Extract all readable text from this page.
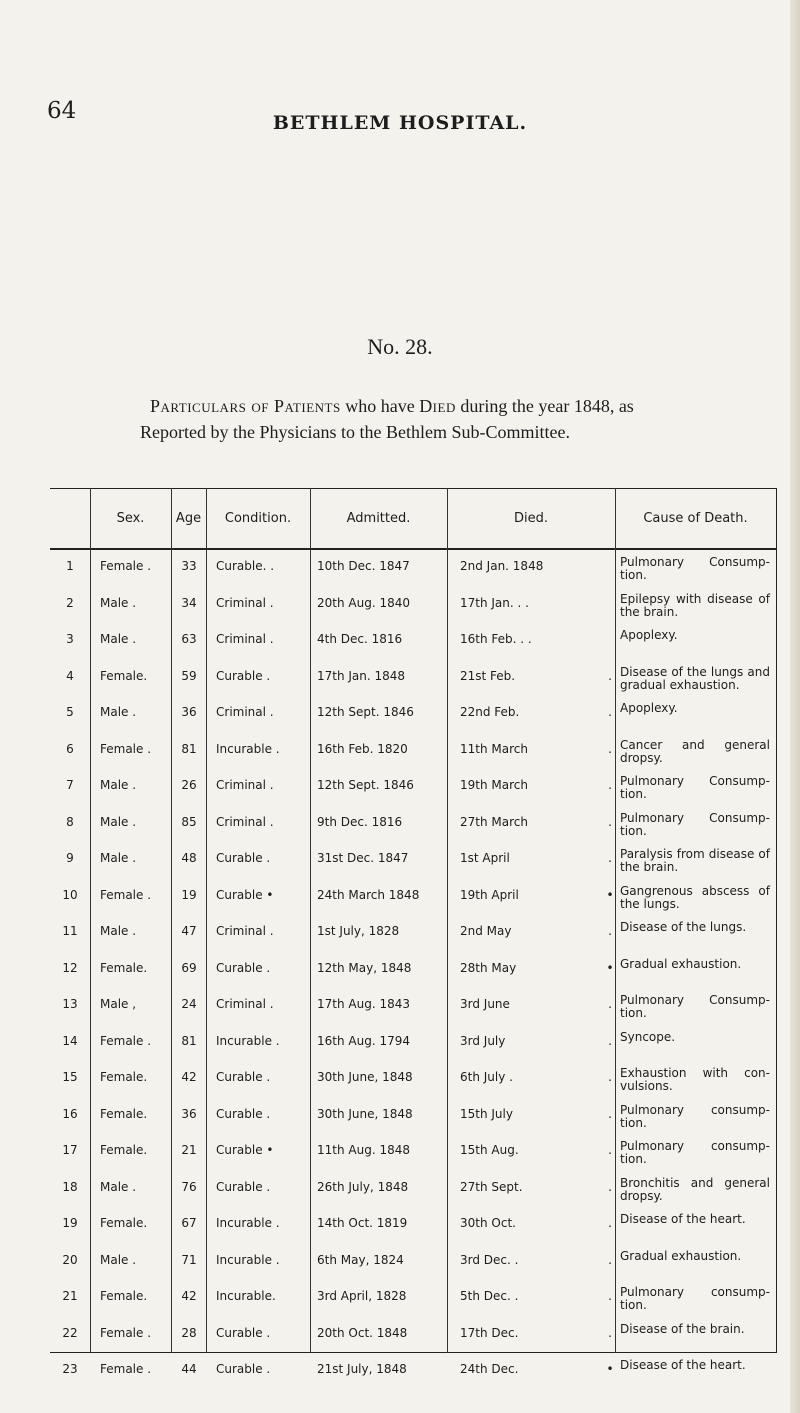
64	BETHLEM HOSPITAL.
No. 28.
Particulars of Patients who have Died during the year 1848, as
Reported by the Physicians to the Bethlem Sub-Committee.
Sex.	Age	Condition.	Admitted.	Died.	Cause of Death.
1	Female .	33	Curable. .	10th Dec. 1847	2nd Jan. 1848	Pulmonary Consump- tion.
2	Male .	34	Criminal .	20th Aug. 1840	17th Jan. . .	Epilepsy with disease of the brain.
3	Male .	63	Criminal .	4th Dec. 1816	16th Feb. . .	Apoplexy.
4	Female.	59	Curable .	17th Jan. 1848	21st Feb.	. Disease of the lungs and gradual exhaustion.
5	Male .	36	Criminal .	12th Sept. 1846	22nd Feb.	. Apoplexy.
6	Female .	81	Incurable .	16th Feb. 1820	11th March	. Cancer and general dropsy.
7	Male .	26	Criminal .	12th Sept. 1846	19th March	. Pulmonary Consump- tion.
8	Male .	85	Criminal .	9th Dec. 1816	27th March	. Pulmonary Consump- tion.
9	Male .	48	Curable .	31st Dec. 1847	1st April	. Paralysis from disease of the brain.
10	Female .	19	Curable •	24th March 1848	19th April	• Gangrenous abscess of the lungs.
11	Male .	47	Criminal .	1st July, 1828	2nd May	. Disease of the lungs.
12	Female.	69	Curable .	12th May, 1848	28th May	• Gradual exhaustion.
13	Male ,	24	Criminal .	17th Aug. 1843	3rd June	. Pulmonary Consump- tion.
14	Female .	81	Incurable .	16th Aug. 1794	3rd July	. Syncope.
15	Female.	42	Curable .	30th June, 1848	6th July .	. Exhaustion with con- vulsions.
16	Female.	36	Curable .	30th June, 1848	15th July	. Pulmonary consump- tion.
17	Female.	21	Curable •	11th Aug. 1848	15th Aug.	. Pulmonary consump- tion.
18	Male .	76	Curable .	26th July, 1848	27th Sept.	. Bronchitis and general dropsy.
19	Female.	67	Incurable .	14th Oct. 1819	30th Oct.	. Disease of the heart.
20	Male .	71	Incurable .	6th May, 1824	3rd Dec. .	. Gradual exhaustion.
21	Female.	42	Incurable.	3rd April, 1828	5th Dec. .	. Pulmonary consump- tion.
22	Female .	28	Curable .	20th Oct. 1848	17th Dec.	. Disease of the brain.
23	Female .	44	Curable .	21st July, 1848	24th Dec.	• Disease of the heart.
